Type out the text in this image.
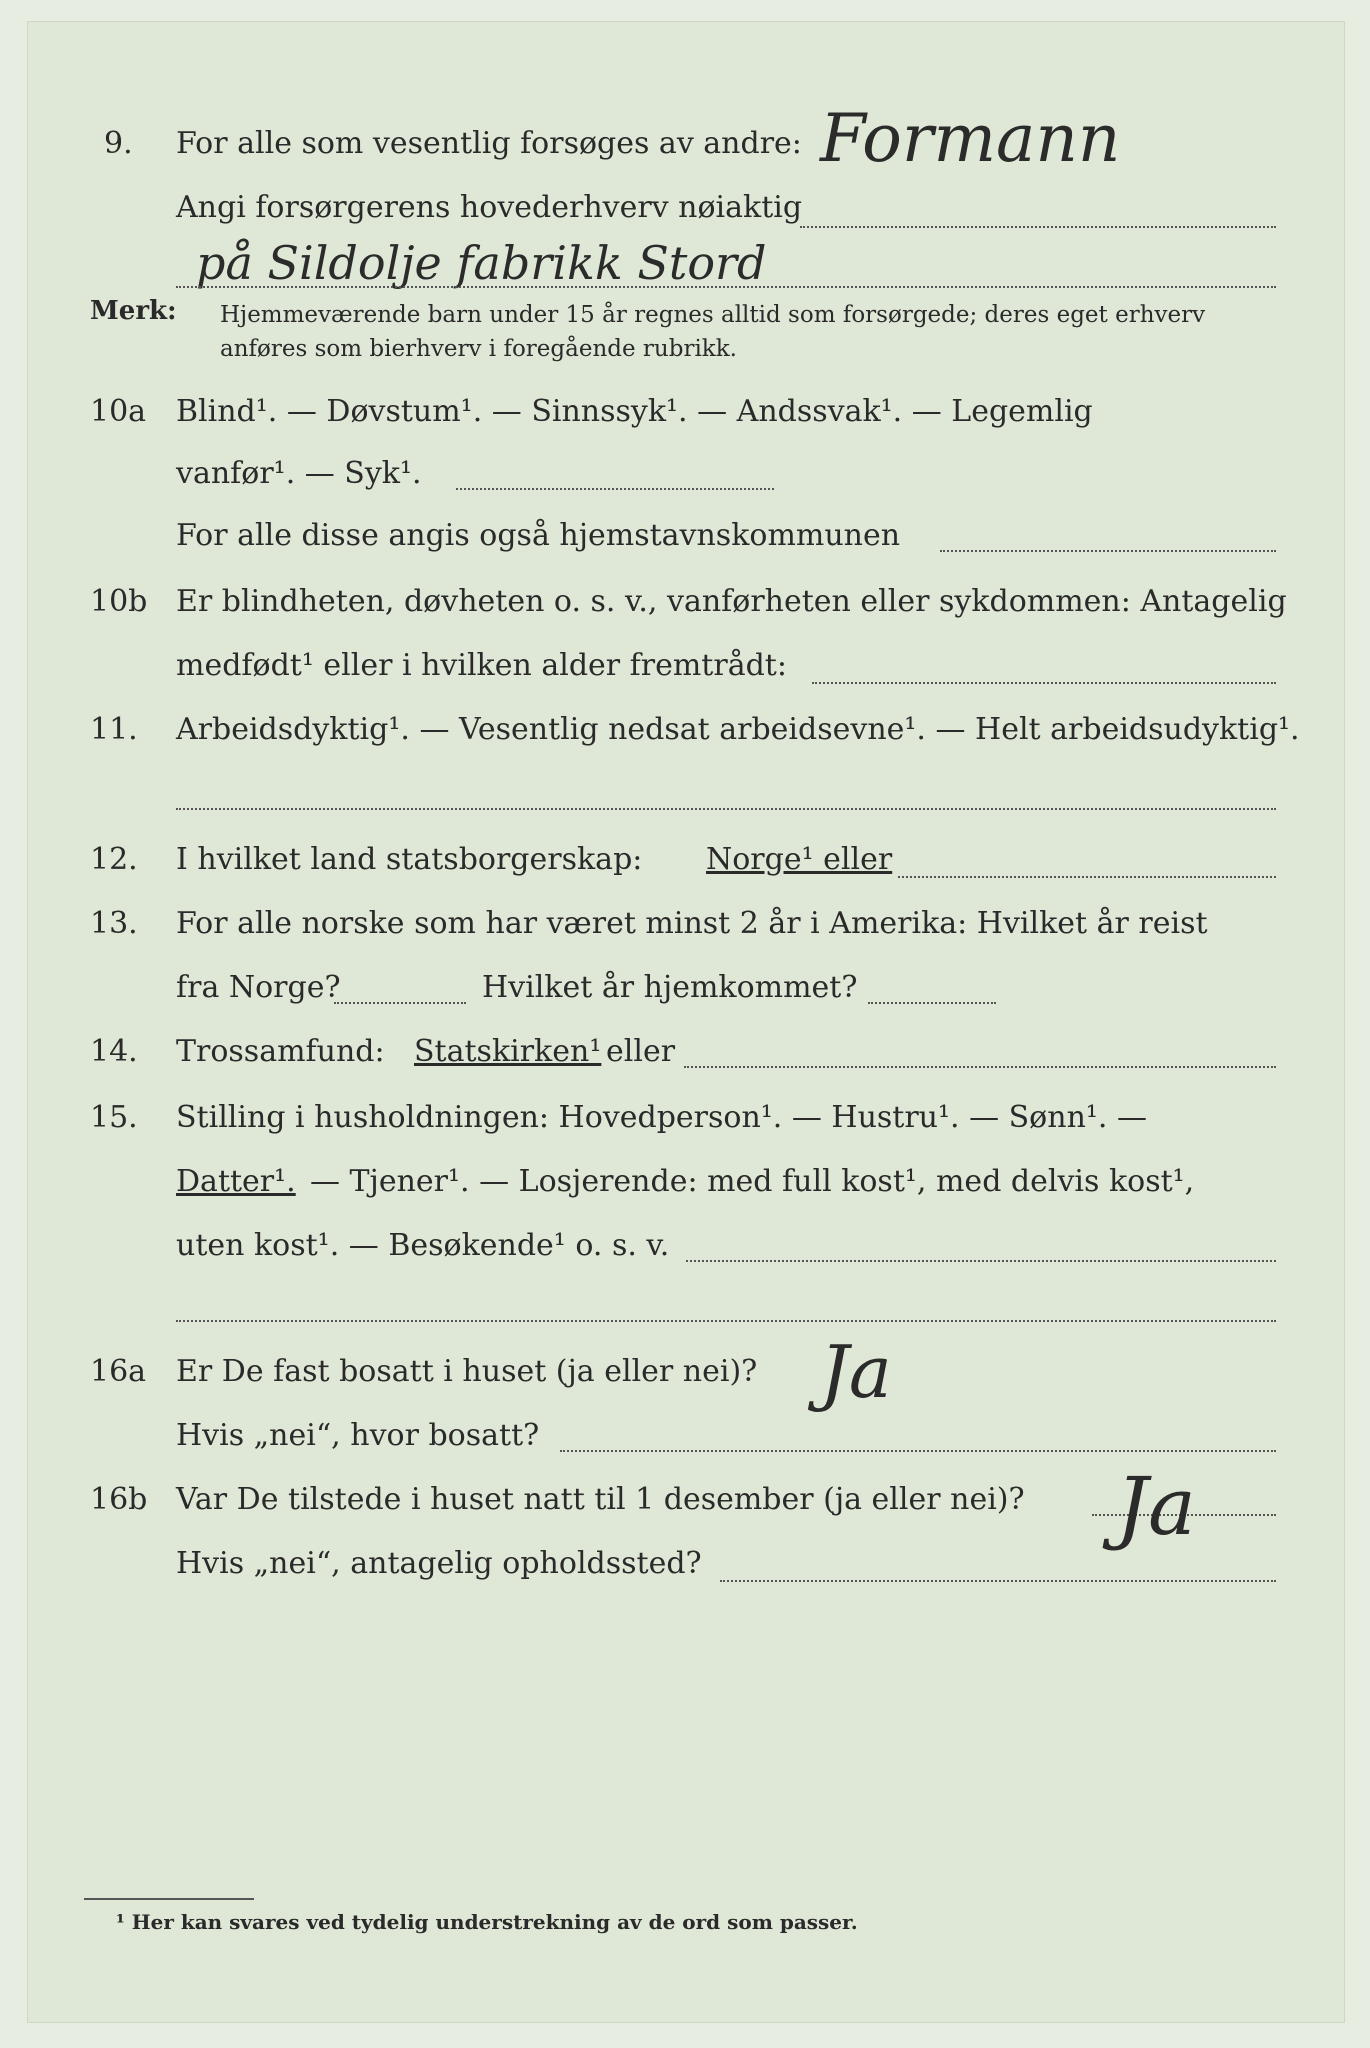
9. For alle som vesentlig forsøges av andre: Formann
Angi forsørgerens hovederhverv nøiaktig
på Sildolje fabrikk Stord
Merk: Hjemmeværende barn under 15 år regnes alltid som forsørgede; deres eget erhverv
anføres som bierhverv i foregående rubrikk.
10a Blind¹. — Døvstum¹. — Sinnssyk¹. — Andssvak¹. — Legemlig
vanfør¹. — Syk¹.
For alle disse angis også hjemstavnskommunen
10b Er blindheten, døvheten o. s. v., vanførheten eller sykdommen: Antagelig
medfødt¹ eller i hvilken alder fremtrådt:
11. Arbeidsdyktig¹. — Vesentlig nedsat arbeidsevne¹. — Helt arbeidsudyktig¹.
12. I hvilket land statsborgerskap: Norge¹ eller
13. For alle norske som har været minst 2 år i Amerika: Hvilket år reist
fra Norge?	Hvilket år hjemkommet?
14. Trossamfund: Statskirken¹ eller
15. Stilling i husholdningen: Hovedperson¹. — Hustru¹. — Sønn¹. —
Datter¹. — Tjener¹. — Losjerende: med full kost¹, med delvis kost¹,
uten kost¹. — Besøkende¹ o. s. v.
16a Er De fast bosatt i huset (ja eller nei)? Ja
Hvis „nei“, hvor bosatt?
16b Var De tilstede i huset natt til 1 desember (ja eller nei)? Ja
Hvis „nei“, antagelig opholdssted?
¹ Her kan svares ved tydelig understrekning av de ord som passer.
